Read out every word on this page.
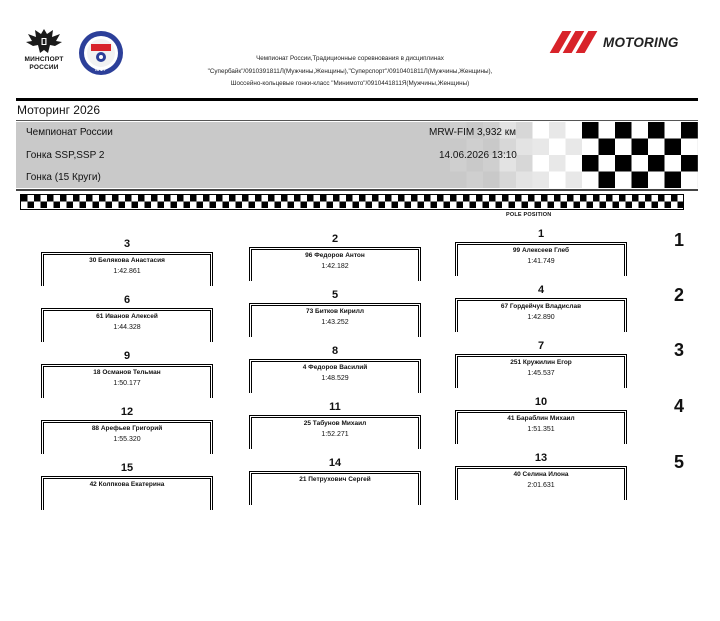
МИНСПОРТ
РОССИИ	МФР
Чемпионат России,Традиционные соревнования в дисциплинах
"Супербайк"/0910391811Л(Мужчины,Женщины),"Суперспорт"/0910401811Л(Мужчины,Женщины),
Шоссейно-кольцевые гонки-класс "Минимото"/0910441811Я(Мужчины,Женщины)
MOTORING
Моторинг 2026
Чемпионат России
Гонка SSP,SSP 2
Гонка (15 Круги)
MRW-FIM 3,932 км
14.06.2026 13:10
POLE POSITION
1
99 Алексеев Глеб
1:41.749
2
96 Федоров Антон
1:42.182
3
30 Белякова Анастасия
1:42.861
4
67 Гордейчук Владислав
1:42.890
5
73 Битков Кирилл
1:43.252
6
61 Иванов Алексей
1:44.328
7
251 Кружилин Егор
1:45.537
8
4 Федоров Василий
1:48.529
9
18 Османов Тельман
1:50.177
10
41 Бараблин Михаил
1:51.351
11
25 Табунов Михаил
1:52.271
12
88 Арефьев Григорий
1:55.320
13
40 Селина Илона
2:01.631
14
21 Петрухович Сергей
15
42 Колпкова Екатерина
1
2
3
4
5
